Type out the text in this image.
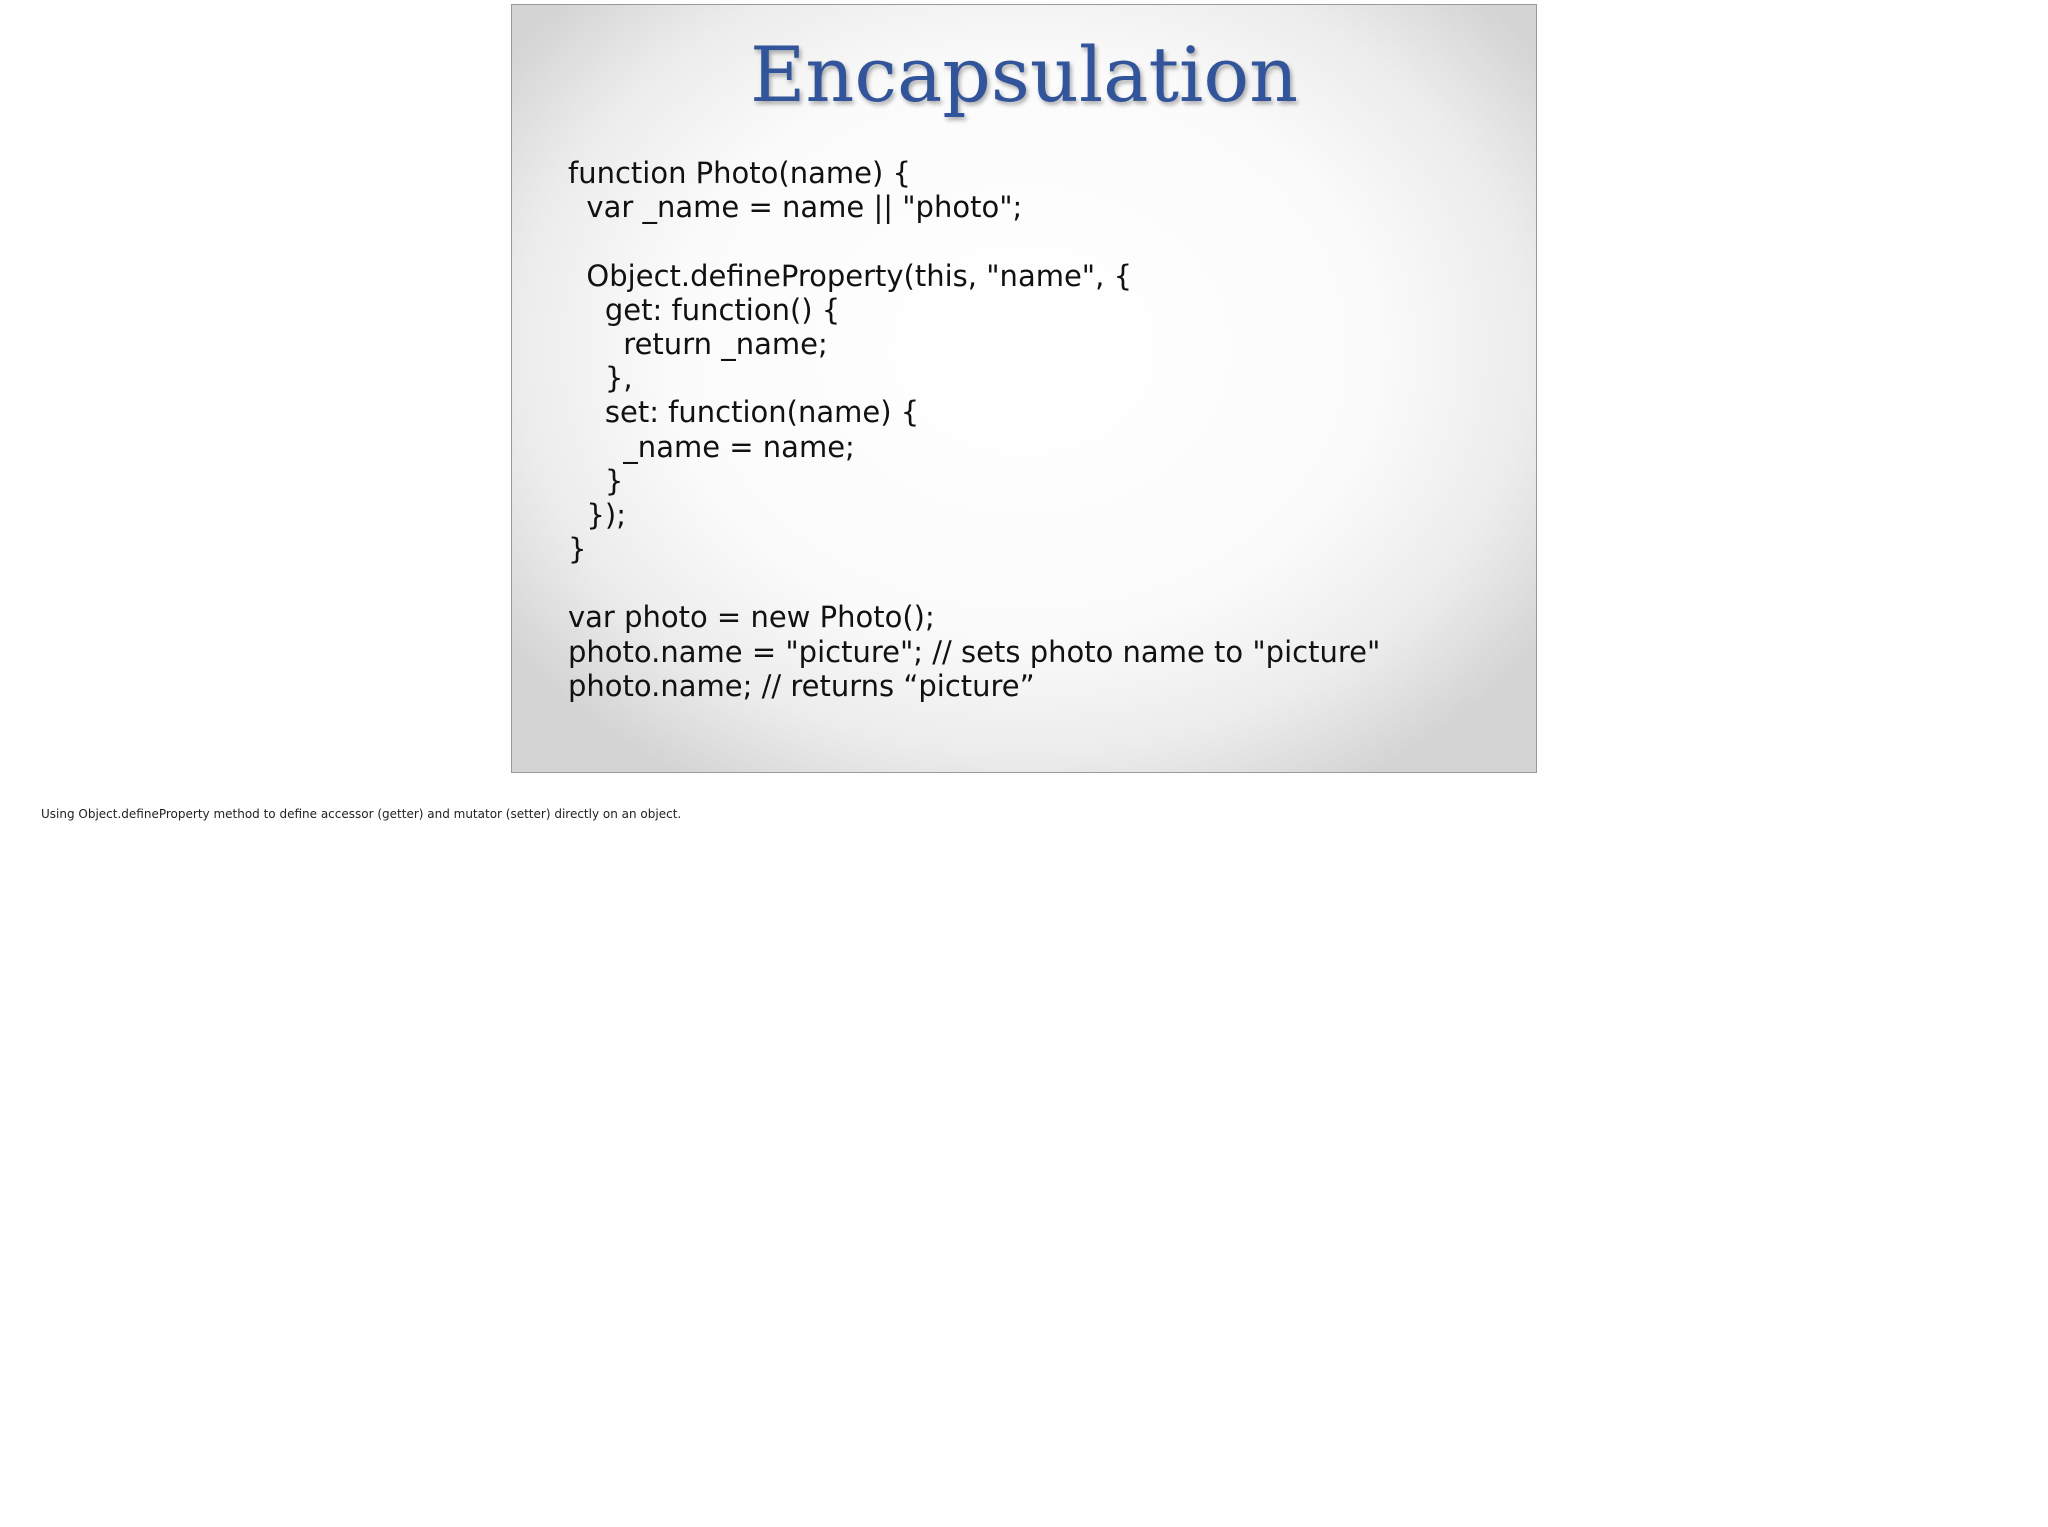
Encapsulation
function Photo(name) {
var _name = name || "photo";
Object.defineProperty(this, "name", {
get: function() {
return _name;
},
set: function(name) {
_name = name;
}
});
}
var photo = new Photo();
photo.name = "picture"; // sets photo name to "picture"
photo.name; // returns “picture”
Using Object.defineProperty method to define accessor (getter) and mutator (setter) directly on an object.
